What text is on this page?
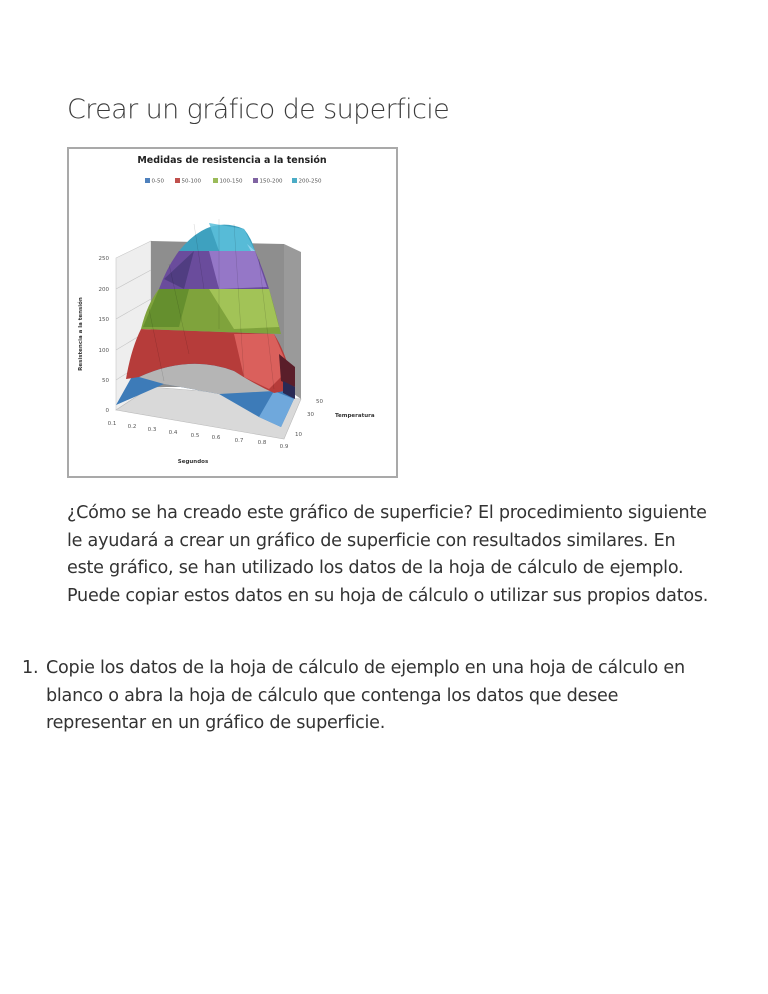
Crear un gráfico de superficie
Medidas de resistencia a la tensión
0-50	50-100	100-150	150-200	200-250
0
50
100
150
200
250
Resistencia a la tensión
0.1 0.2 0.3 0.4 0.5 0.6	0.7	0.8
0.9
Segundos
10
30
50
Temperatura

¿Cómo se ha creado este gráfico de superficie? El procedimiento siguiente le ayudará a crear un gráfico de superficie con resultados similares. En este gráfico, se han utilizado los datos de la hoja de cálculo de ejemplo. Puede copiar estos datos en su hoja de cálculo o utilizar sus propios datos.

1. Copie los datos de la hoja de cálculo de ejemplo en una hoja de cálculo en blanco o abra la hoja de cálculo que contenga los datos que desee representar en un gráfico de superficie.
